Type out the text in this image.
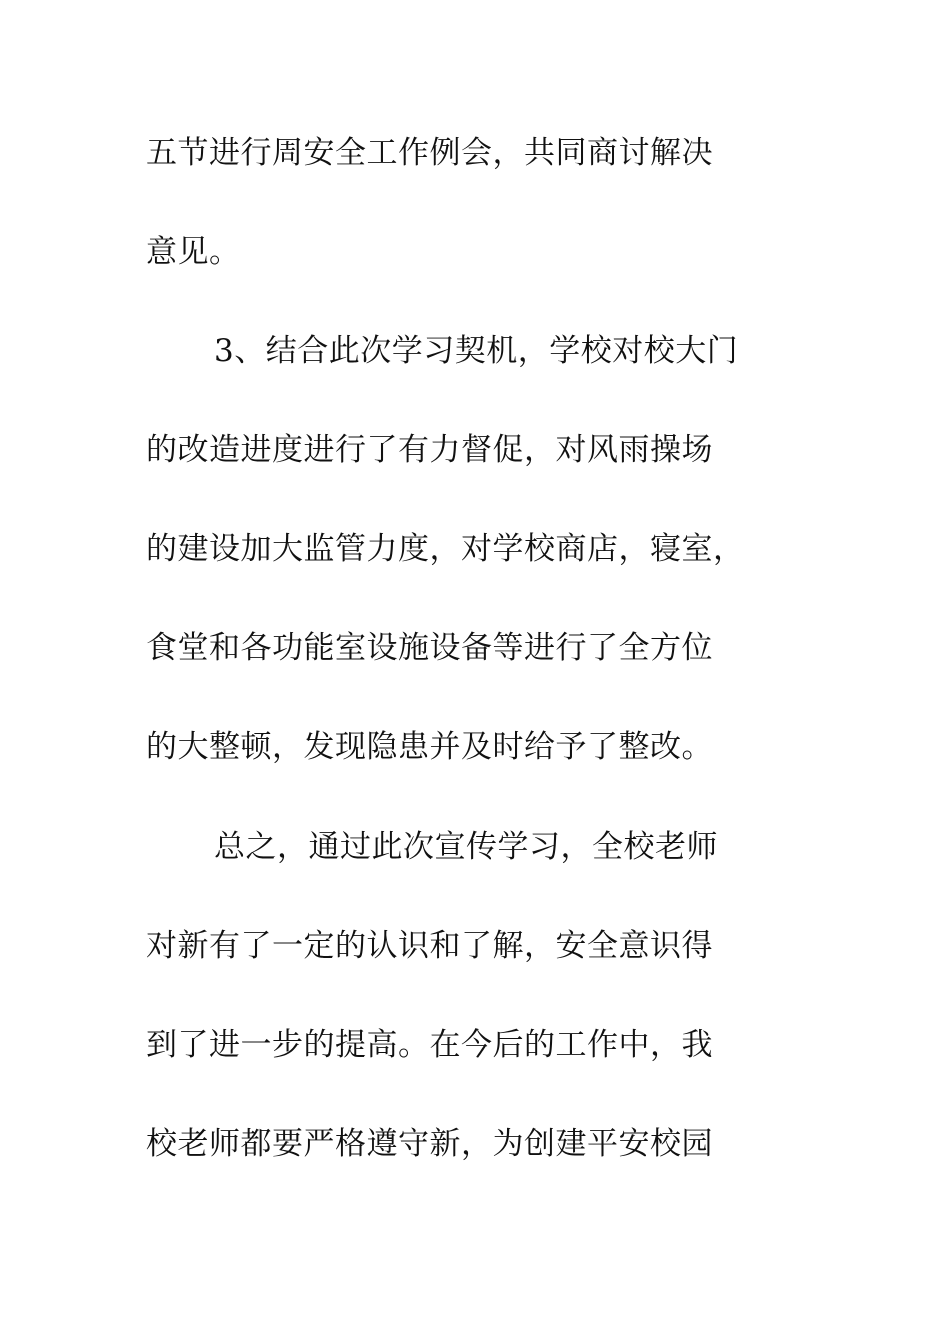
五节进行周安全工作例会，共同商讨解决
意见。
3、结合此次学习契机，学校对校大门
的改造进度进行了有力督促，对风雨操场
的建设加大监管力度，对学校商店，寝室，
食堂和各功能室设施设备等进行了全方位
的大整顿，发现隐患并及时给予了整改。
总之，通过此次宣传学习，全校老师
对新有了一定的认识和了解，安全意识得
到了进一步的提高。在今后的工作中，我
校老师都要严格遵守新，为创建平安校园
